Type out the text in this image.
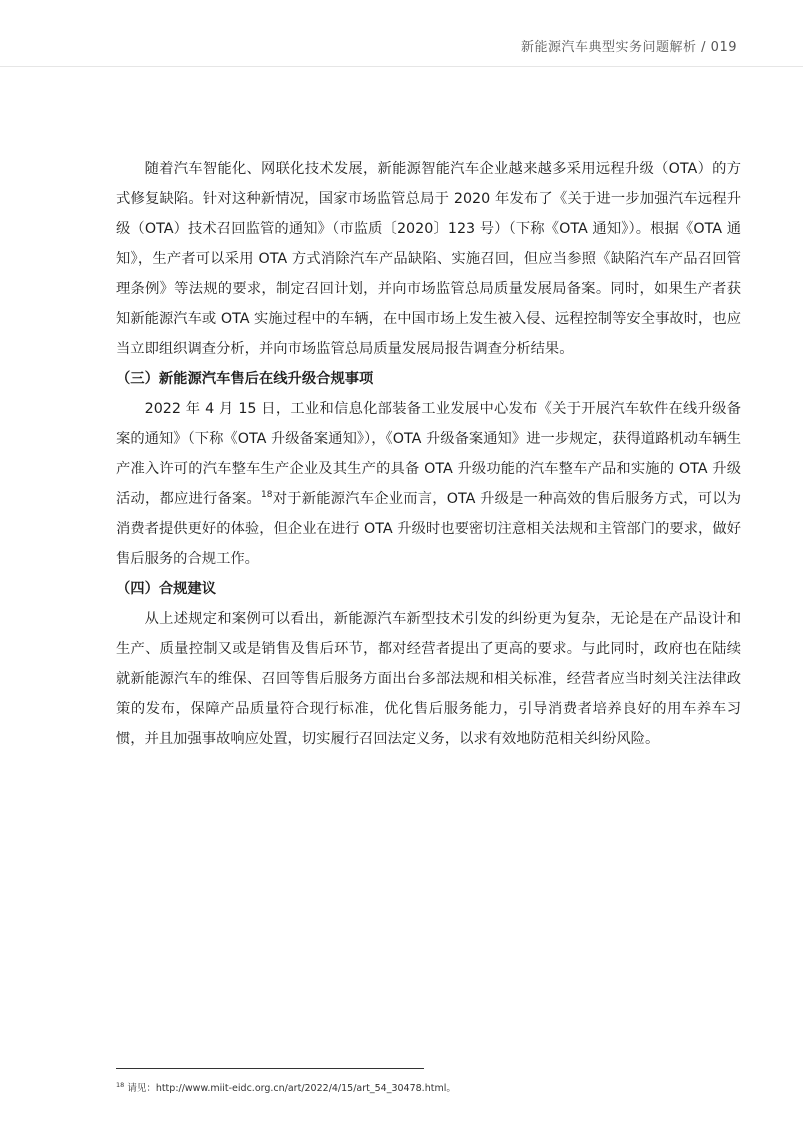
新能源汽车典型实务问题解析 / 019

随着汽车智能化、网联化技术发展，新能源智能汽车企业越来越多采用远程升级（OTA）的方式修复缺陷。针对这种新情况，国家市场监管总局于 2020 年发布了《关于进一步加强汽车远程升级（OTA）技术召回监管的通知》（市监质〔2020〕123 号）（下称《OTA 通知》）。根据《OTA 通知》，生产者可以采用 OTA 方式消除汽车产品缺陷、实施召回，但应当参照《缺陷汽车产品召回管理条例》等法规的要求，制定召回计划，并向市场监管总局质量发展局备案。同时，如果生产者获知新能源汽车或 OTA 实施过程中的车辆，在中国市场上发生被入侵、远程控制等安全事故时，也应当立即组织调查分析，并向市场监管总局质量发展局报告调查分析结果。

（三）新能源汽车售后在线升级合规事项

2022 年 4 月 15 日，工业和信息化部装备工业发展中心发布《关于开展汽车软件在线升级备案的通知》（下称《OTA 升级备案通知》），《OTA 升级备案通知》进一步规定，获得道路机动车辆生产准入许可的汽车整车生产企业及其生产的具备 OTA 升级功能的汽车整车产品和实施的 OTA 升级活动，都应进行备案。$^{18}$对于新能源汽车企业而言，OTA 升级是一种高效的售后服务方式，可以为消费者提供更好的体验，但企业在进行 OTA 升级时也要密切注意相关法规和主管部门的要求，做好售后服务的合规工作。

（四）合规建议

从上述规定和案例可以看出，新能源汽车新型技术引发的纠纷更为复杂，无论是在产品设计和生产、质量控制又或是销售及售后环节，都对经营者提出了更高的要求。与此同时，政府也在陆续就新能源汽车的维保、召回等售后服务方面出台多部法规和相关标准，经营者应当时刻关注法律政策的发布，保障产品质量符合现行标准，优化售后服务能力，引导消费者培养良好的用车养车习惯，并且加强事故响应处置，切实履行召回法定义务，以求有效地防范相关纠纷风险。

$^{18}$ 请见：http://www.miit-eidc.org.cn/art/2022/4/15/art_54_30478.html。
